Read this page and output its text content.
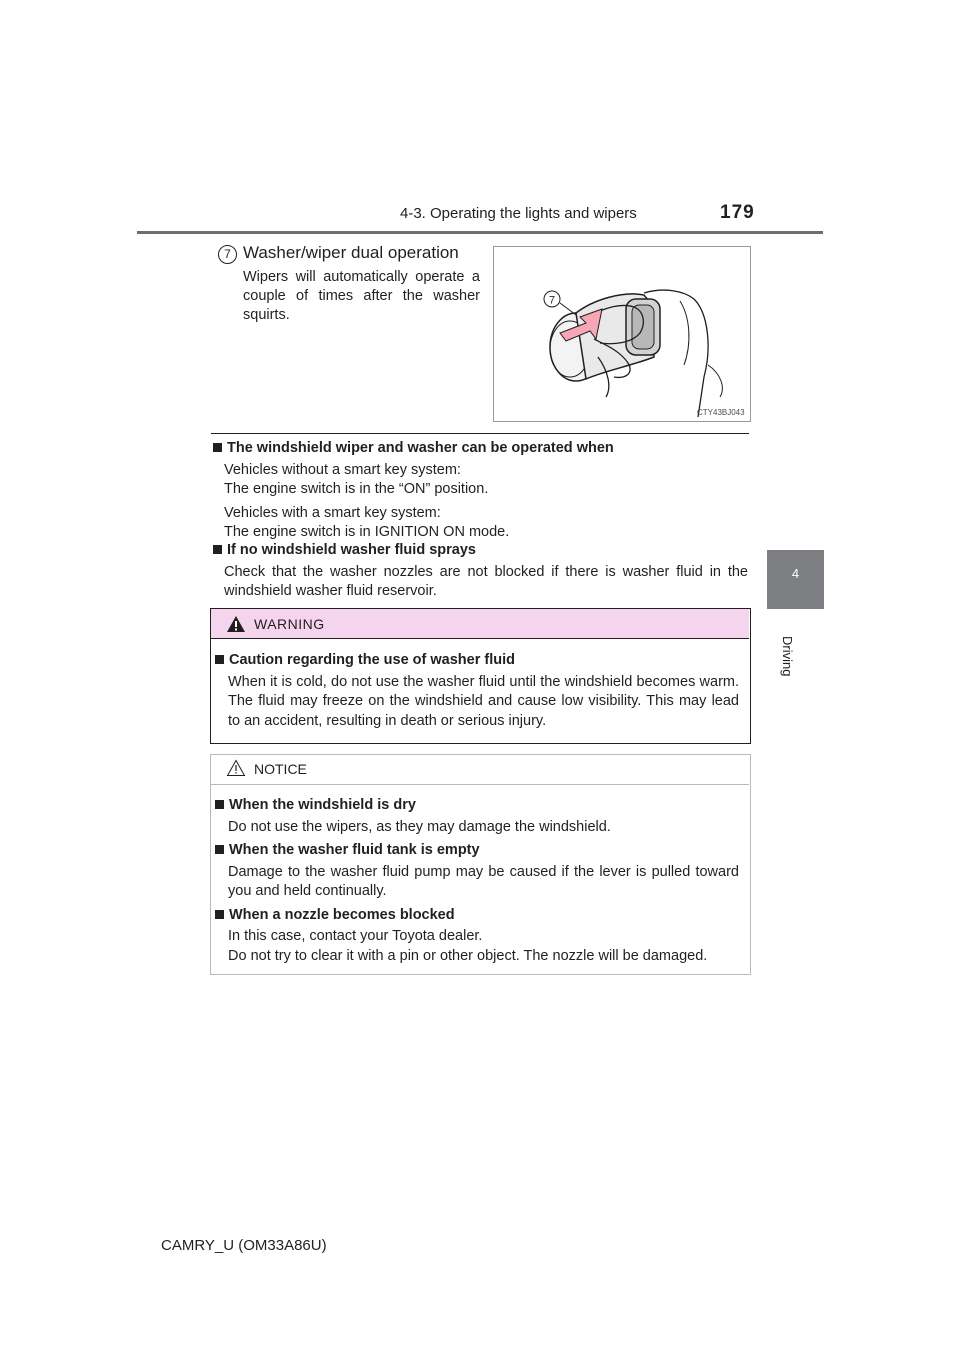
4-3. Operating the lights and wipers	179
4
Driving
7 Washer/wiper dual operation
Wipers will automatically operate a couple of times after the washer squirts.
7
CTY43BJ043
The windshield wiper and washer can be operated when
Vehicles without a smart key system:
The engine switch is in the “ON” position.
Vehicles with a smart key system:
The engine switch is in IGNITION ON mode.
If no windshield washer fluid sprays
Check that the washer nozzles are not blocked if there is washer fluid in the windshield washer fluid reservoir.
WARNING
Caution regarding the use of washer fluid
When it is cold, do not use the washer fluid until the windshield becomes warm. The fluid may freeze on the windshield and cause low visibility. This may lead to an accident, resulting in death or serious injury.
NOTICE
When the windshield is dry
Do not use the wipers, as they may damage the windshield.
When the washer fluid tank is empty
Damage to the washer fluid pump may be caused if the lever is pulled toward you and held continually.
When a nozzle becomes blocked
In this case, contact your Toyota dealer.
Do not try to clear it with a pin or other object. The nozzle will be damaged.
CAMRY_U (OM33A86U)
